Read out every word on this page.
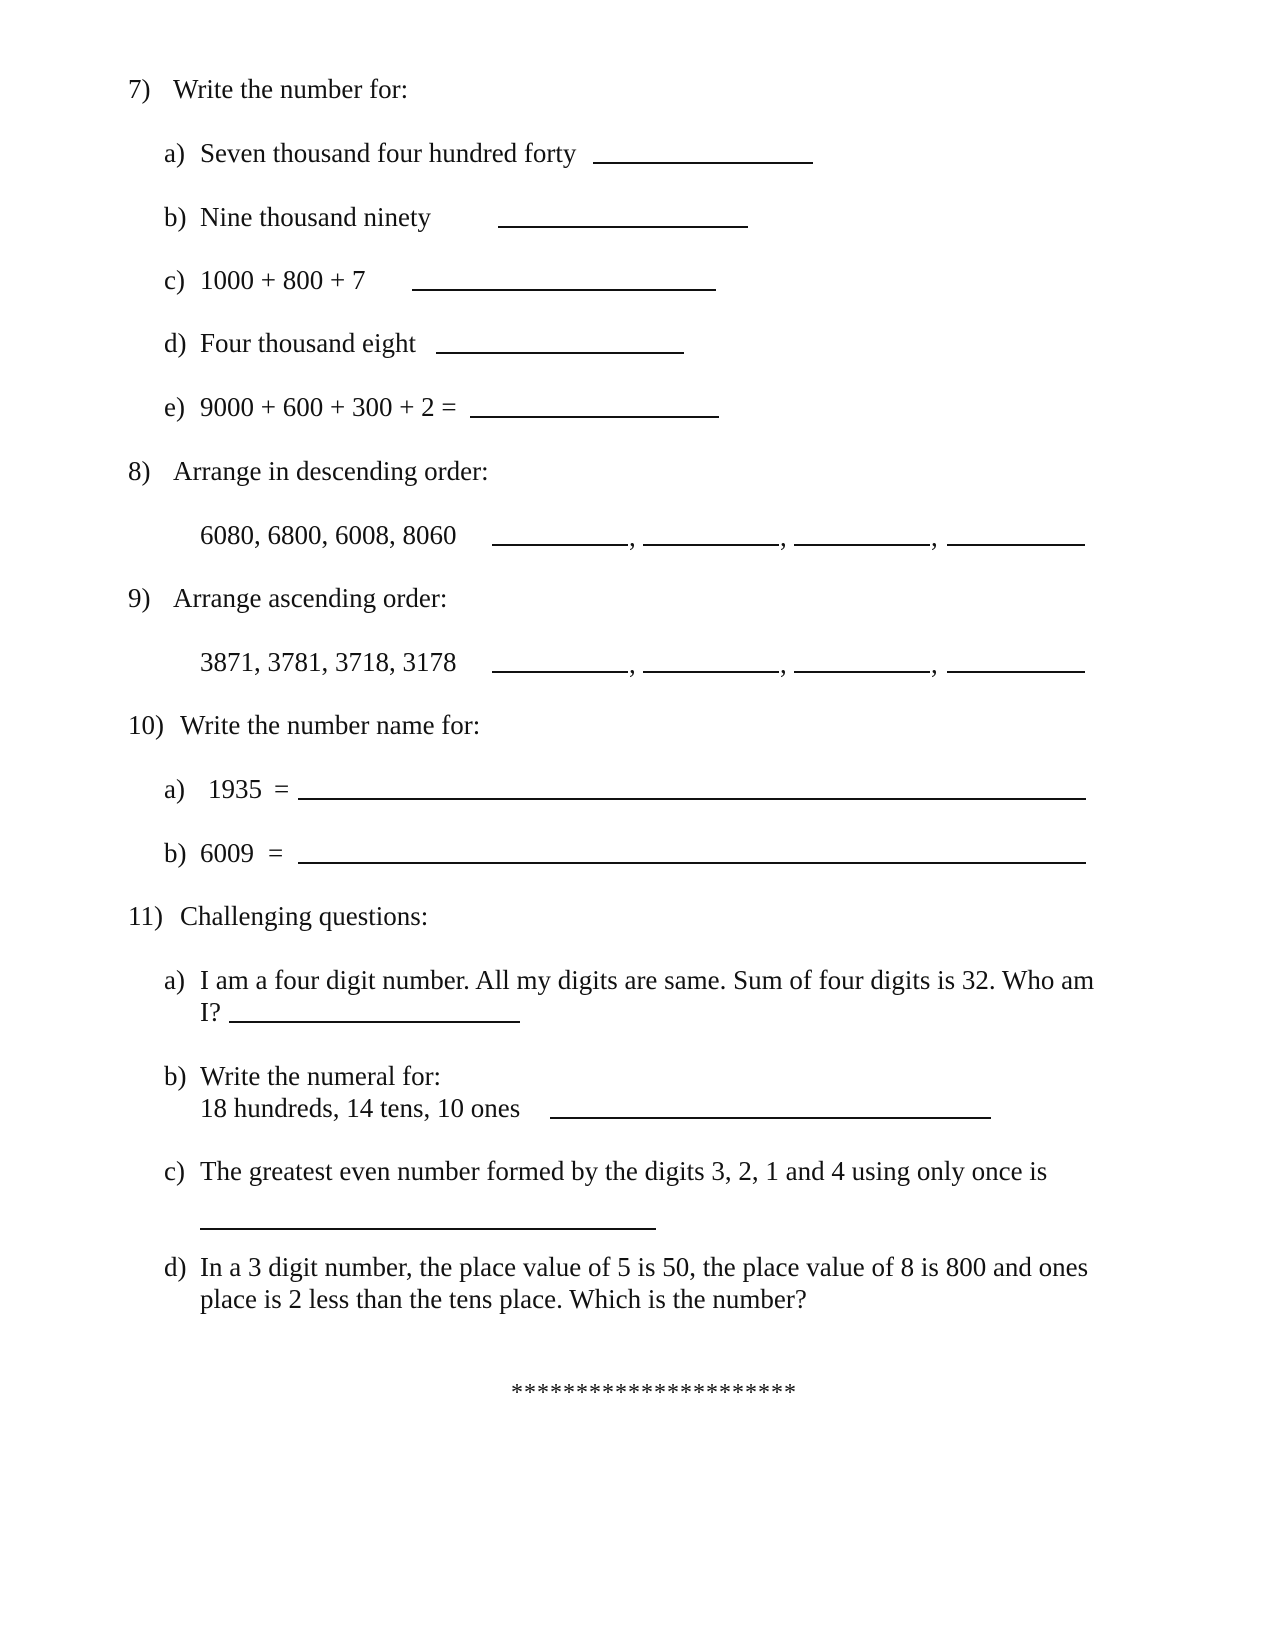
7) Write the number for:
a) Seven thousand four hundred forty
b) Nine thousand ninety
c) 1000 + 800 + 7
d) Four thousand eight
e) 9000 + 600 + 300 + 2 =
8) Arrange in descending order:
6080, 6800, 6008, 8060	,	,	,
9) Arrange ascending order:
3871, 3781, 3718, 3178	,	,	,
10) Write the number name for:
a) 1935 =
b) 6009 =
11) Challenging questions:
a) I am a four digit number. All my digits are same. Sum of four digits is 32. Who am
I?
b) Write the numeral for:
18 hundreds, 14 tens, 10 ones
c) The greatest even number formed by the digits 3, 2, 1 and 4 using only once is
d) In a 3 digit number, the place value of 5 is 50, the place value of 8 is 800 and ones
place is 2 less than the tens place. Which is the number?
**********************
